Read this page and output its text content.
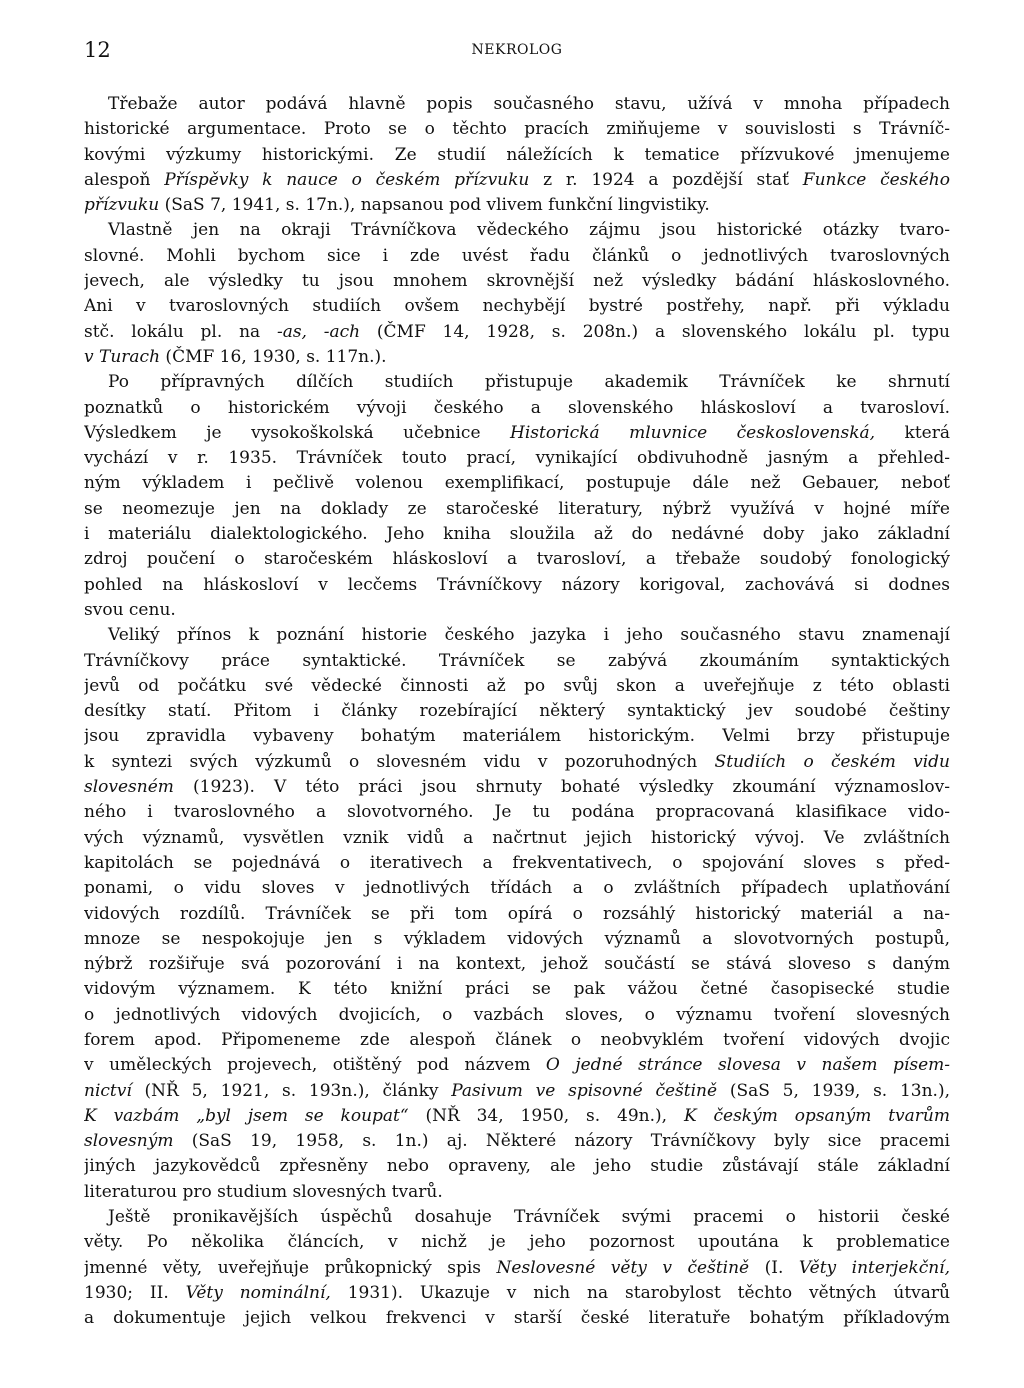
12	NEKROLOG
Třebaže autor podává hlavně popis současného stavu, užívá v mnoha případech
historické argumentace. Proto se o těchto pracích zmiňujeme v souvislosti s Trávníč-
kovými výzkumy historickými. Ze studií náležících k tematice přízvukové jmenujeme
alespoň Příspěvky k nauce o českém přízvuku z r. 1924 a pozdější stať Funkce českého
přízvuku (SaS 7, 1941, s. 17n.), napsanou pod vlivem funkční lingvistiky.
Vlastně jen na okraji Trávníčkova vědeckého zájmu jsou historické otázky tvaro-
slovné. Mohli bychom sice i zde uvést řadu článků o jednotlivých tvaroslovných
jevech, ale výsledky tu jsou mnohem skrovnější než výsledky bádání hláskoslovného.
Ani v tvaroslovných studiích ovšem nechybějí bystré postřehy, např. při výkladu
stč. lokálu pl. na -as, -ach (ČMF 14, 1928, s. 208n.) a slovenského lokálu pl. typu
v Turach (ČMF 16, 1930, s. 117n.).
Po přípravných dílčích studiích přistupuje akademik Trávníček ke shrnutí
poznatků o historickém vývoji českého a slovenského hláskosloví a tvarosloví.
Výsledkem je vysokoškolská učebnice Historická mluvnice československá, která
vychází v r. 1935. Trávníček touto prací, vynikající obdivuhodně jasným a přehled-
ným výkladem i pečlivě volenou exemplifikací, postupuje dále než Gebauer, neboť
se neomezuje jen na doklady ze staročeské literatury, nýbrž využívá v hojné míře
i materiálu dialektologického. Jeho kniha sloužila až do nedávné doby jako základní
zdroj poučení o staročeském hláskosloví a tvarosloví, a třebaže soudobý fonologický
pohled na hláskosloví v lecčems Trávníčkovy názory korigoval, zachovává si dodnes
svou cenu.
Veliký přínos k poznání historie českého jazyka i jeho současného stavu znamenají
Trávníčkovy práce syntaktické. Trávníček se zabývá zkoumáním syntaktických
jevů od počátku své vědecké činnosti až po svůj skon a uveřejňuje z této oblasti
desítky statí. Přitom i články rozebírající některý syntaktický jev soudobé češtiny
jsou zpravidla vybaveny bohatým materiálem historickým. Velmi brzy přistupuje
k syntezi svých výzkumů o slovesném vidu v pozoruhodných Studiích o českém vidu
slovesném (1923). V této práci jsou shrnuty bohaté výsledky zkoumání významoslov-
ného i tvaroslovného a slovotvorného. Je tu podána propracovaná klasifikace vido-
vých významů, vysvětlen vznik vidů a načrtnut jejich historický vývoj. Ve zvláštních
kapitolách se pojednává o iterativech a frekventativech, o spojování sloves s před-
ponami, o vidu sloves v jednotlivých třídách a o zvláštních případech uplatňování
vidových rozdílů. Trávníček se při tom opírá o rozsáhlý historický materiál a na-
mnoze se nespokojuje jen s výkladem vidových významů a slovotvorných postupů,
nýbrž rozšiřuje svá pozorování i na kontext, jehož součástí se stává sloveso s daným
vidovým významem. K této knižní práci se pak vážou četné časopisecké studie
o jednotlivých vidových dvojicích, o vazbách sloves, o významu tvoření slovesných
forem apod. Připomeneme zde alespoň článek o neobvyklém tvoření vidových dvojic
v uměleckých projevech, otištěný pod názvem O jedné stránce slovesa v našem písem-
nictví (NŘ 5, 1921, s. 193n.), články Pasivum ve spisovné češtině (SaS 5, 1939, s. 13n.),
K vazbám „byl jsem se koupat“ (NŘ 34, 1950, s. 49n.), K českým opsaným tvarům
slovesným (SaS 19, 1958, s. 1n.) aj. Některé názory Trávníčkovy byly sice pracemi
jiných jazykovědců zpřesněny nebo opraveny, ale jeho studie zůstávají stále základní
literaturou pro studium slovesných tvarů.
Ještě pronikavějších úspěchů dosahuje Trávníček svými pracemi o historii české
věty. Po několika článcích, v nichž je jeho pozornost upoutána k problematice
jmenné věty, uveřejňuje průkopnický spis Neslovesné věty v češtině (I. Věty interjekční,
1930; II. Věty nominální, 1931). Ukazuje v nich na starobylost těchto větných útvarů
a dokumentuje jejich velkou frekvenci v starší české literatuře bohatým příkladovým
